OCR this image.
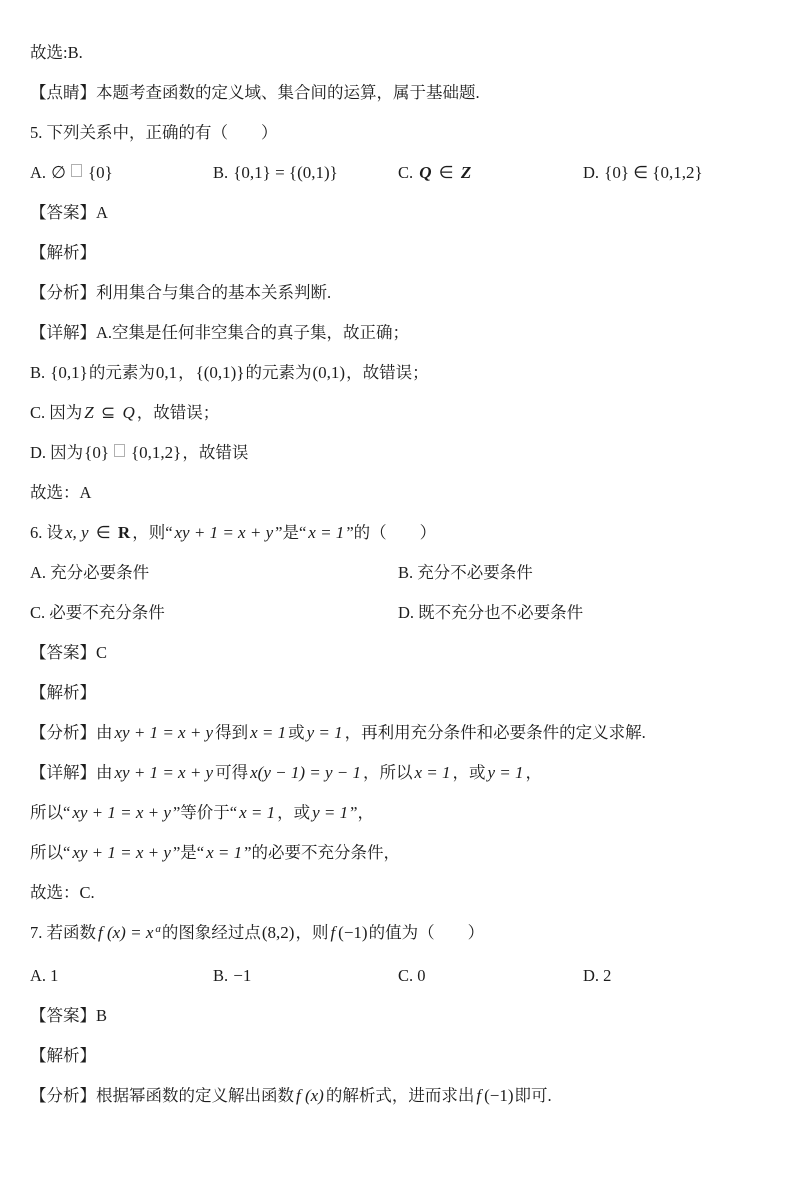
故选:B.
【点睛】本题考查函数的定义域、集合间的运算，属于基础题.
5. 下列关系中，正确的有（　　）
A. ∅ {0}	B. {0,1} = {(0,1)}	C. Q ∈ Z	D. {0} ∈ {0,1,2}
【答案】A
【解析】
【分析】利用集合与集合的基本关系判断.
【详解】A.空集是任何非空集合的真子集，故正确；
B. {0,1}的元素为0,1，{(0,1)}的元素为(0,1)，故错误；
C. 因为 Z ⊆ Q ，故错误；
D. 因为{0} {0,1,2}，故错误
故选：A
6. 设 x, y ∈ R ，则“ xy + 1 = x + y ”是“ x = 1 ”的（　　）
A. 充分必要条件	B. 充分不必要条件
C. 必要不充分条件	D. 既不充分也不必要条件
【答案】C
【解析】
【分析】由 xy + 1 = x + y 得到 x = 1 或 y = 1 ，再利用充分条件和必要条件的定义求解.
【详解】由 xy + 1 = x + y 可得 x(y − 1) = y − 1 ，所以 x = 1 ，或 y = 1 ，
所以“ xy + 1 = x + y ”等价于“ x = 1 ，或 y = 1 ”，
所以“ xy + 1 = x + y ”是“ x = 1 ”的必要不充分条件，
故选：C.
7. 若函数 f (x) = x $^a$的图象经过点(8,2)，则 f (−1)的值为（　　）
A. 1	B. −1	C. 0	D. 2
【答案】B
【解析】
【分析】根据幂函数的定义解出函数 f (x) 的解析式，进而求出 f (−1)即可.
